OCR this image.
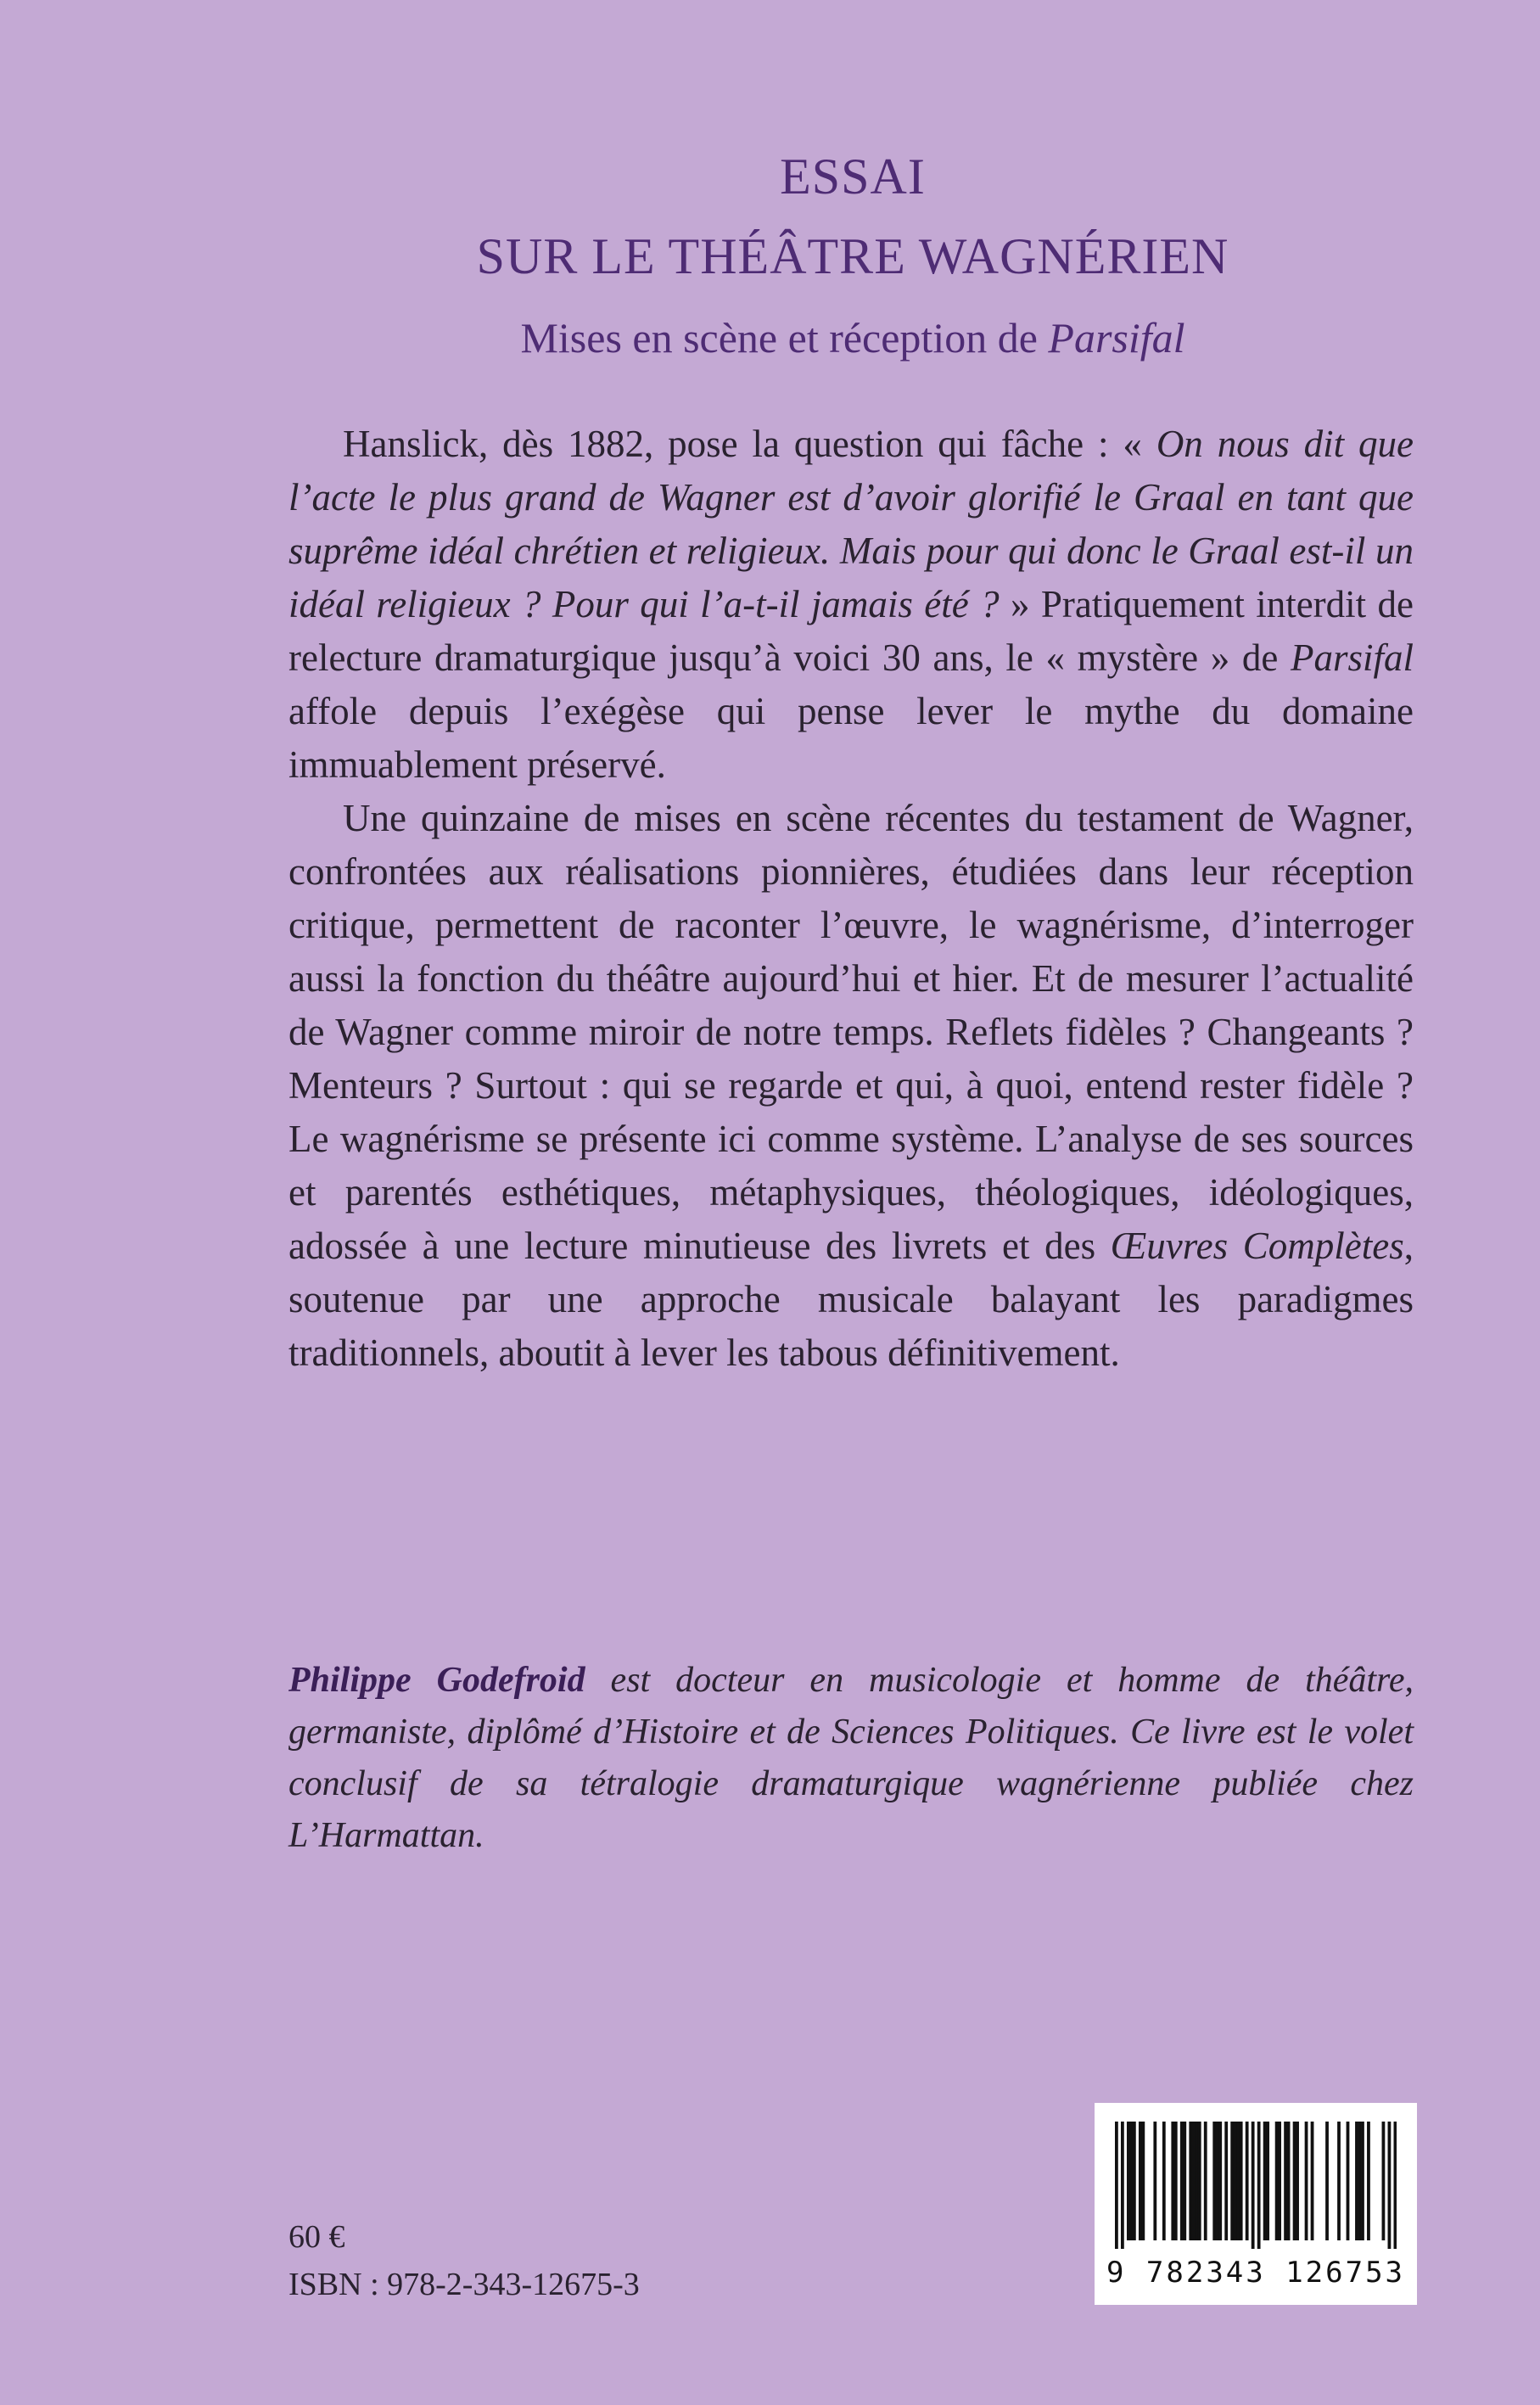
ESSAI
SUR LE THÉÂTRE WAGNÉRIEN
Mises en scène et réception de Parsifal

Hanslick, dès 1882, pose la question qui fâche : « On nous dit que l’acte le plus grand de Wagner est d’avoir glorifié le Graal en tant que suprême idéal chrétien et religieux. Mais pour qui donc le Graal est-il un idéal religieux ? Pour qui l’a-t-il jamais été ? » Pratiquement interdit de relecture dramaturgique jusqu’à voici 30 ans, le « mystère » de Parsifal affole depuis l’exégèse qui pense lever le mythe du domaine immuablement préservé.

Une quinzaine de mises en scène récentes du testament de Wagner, confrontées aux réalisations pionnières, étudiées dans leur réception critique, permettent de raconter l’œuvre, le wagnérisme, d’interroger aussi la fonction du théâtre aujourd’hui et hier. Et de mesurer l’actualité de Wagner comme miroir de notre temps. Reflets fidèles ? Changeants ? Menteurs ? Surtout : qui se regarde et qui, à quoi, entend rester fidèle ? Le wagnérisme se présente ici comme système. L’analyse de ses sources et parentés esthétiques, métaphysiques, théologiques, idéologiques, adossée à une lecture minutieuse des livrets et des Œuvres Complètes, soutenue par une approche musicale balayant les paradigmes traditionnels, aboutit à lever les tabous définitivement.

Philippe Godefroid est docteur en musicologie et homme de théâtre, germaniste, diplômé d’Histoire et de Sciences Politiques. Ce livre est le volet conclusif de sa tétralogie dramaturgique wagnérienne publiée chez L’Harmattan.
60 €
ISBN : 978-2-343-12675-3	9 782343 126753
